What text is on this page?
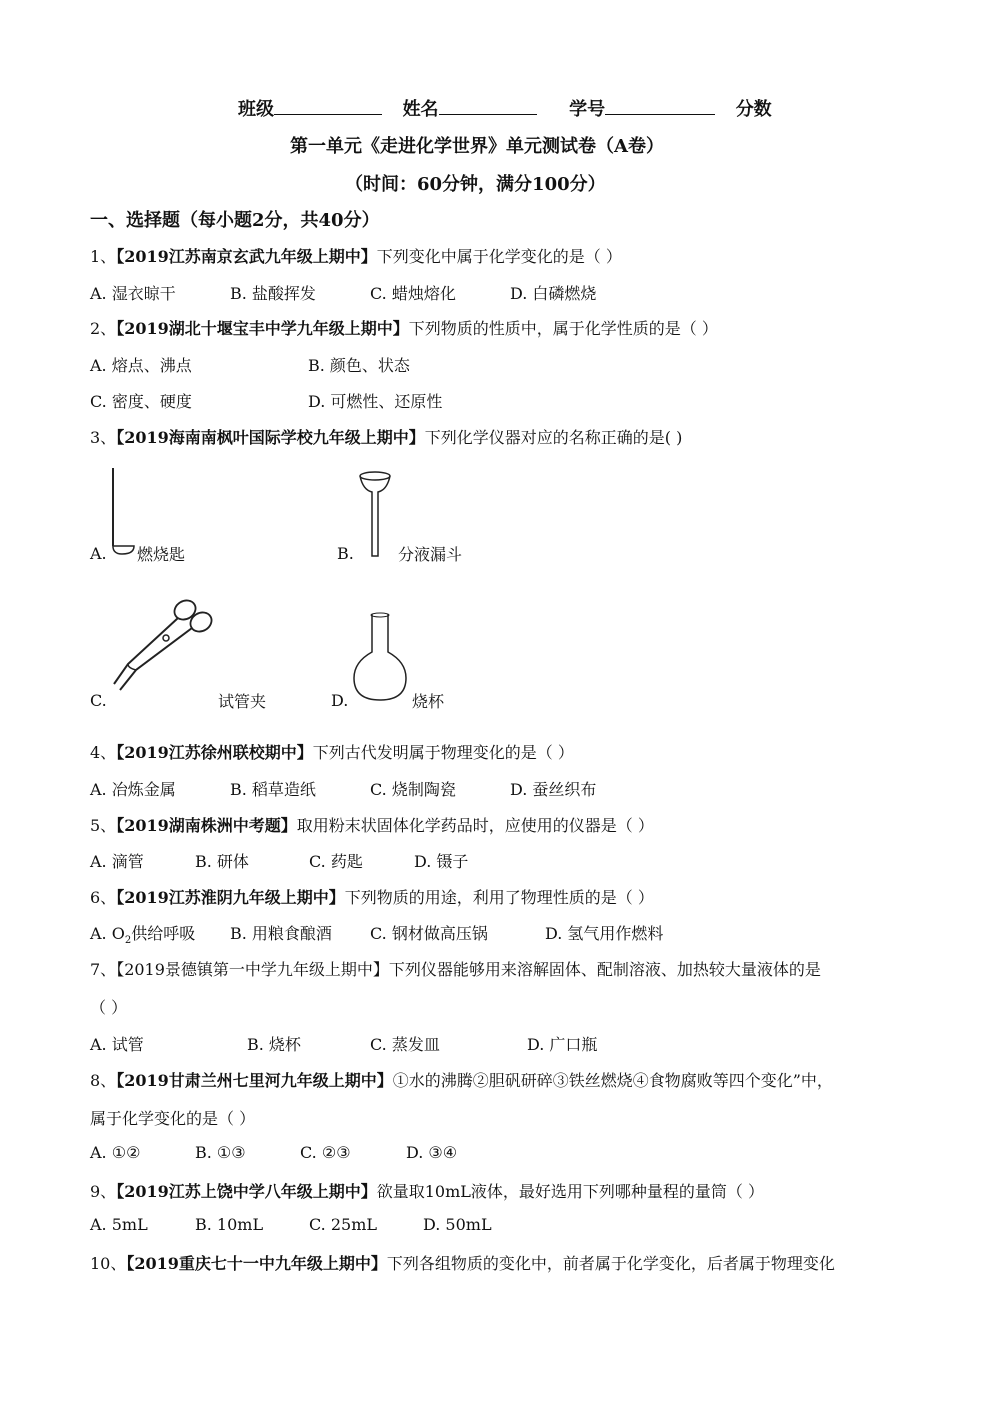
班级	姓名	学号	分数
第一单元《走进化学世界》单元测试卷（A卷）
（时间：60分钟，满分100分）
一、选择题（每小题2分，共40分）
1、【2019江苏南京玄武九年级上期中】下列变化中属于化学变化的是（ ）
A. 湿衣晾干	B. 盐酸挥发	C. 蜡烛熔化	D. 白磷燃烧
2、【2019湖北十堰宝丰中学九年级上期中】下列物质的性质中，属于化学性质的是（ ）
A. 熔点、沸点	B. 颜色、状态
C. 密度、硬度	D. 可燃性、还原性
3、【2019海南南枫叶国际学校九年级上期中】下列化学仪器对应的名称正确的是( )
A. 燃烧匙	B.	分液漏斗
C.	试管夹	D.	烧杯
4、【2019江苏徐州联校期中】下列古代发明属于物理变化的是（ ）
A. 冶炼金属	B. 稻草造纸	C. 烧制陶瓷	D. 蚕丝织布
5、【2019湖南株洲中考题】取用粉末状固体化学药品时，应使用的仪器是（ ）
A. 滴管	B. 研体	C. 药匙	D. 镊子
6、【2019江苏淮阴九年级上期中】下列物质的用途，利用了物理性质的是（ ）
A. $O_2$供给呼吸 B. 用粮食酿酒 C. 钢材做高压锅	D. 氢气用作燃料
7、【2019景德镇第一中学九年级上期中】下列仪器能够用来溶解固体、配制溶液、加热较大量液体的是
（ ）
A. 试管	B. 烧杯	C. 蒸发皿	D. 广口瓶
8、【2019甘肃兰州七里河九年级上期中】①水的沸腾②胆矾研碎③铁丝燃烧④食物腐败等四个变化”中，
属于化学变化的是（ ）
A. ①②	B. ①③	C. ②③	D. ③④
9、【2019江苏上饶中学八年级上期中】欲量取10mL液体，最好选用下列哪种量程的量筒（ ）
A. 5mL	B. 10mL	C. 25mL	D. 50mL
10、【2019重庆七十一中九年级上期中】下列各组物质的变化中，前者属于化学变化，后者属于物理变化
